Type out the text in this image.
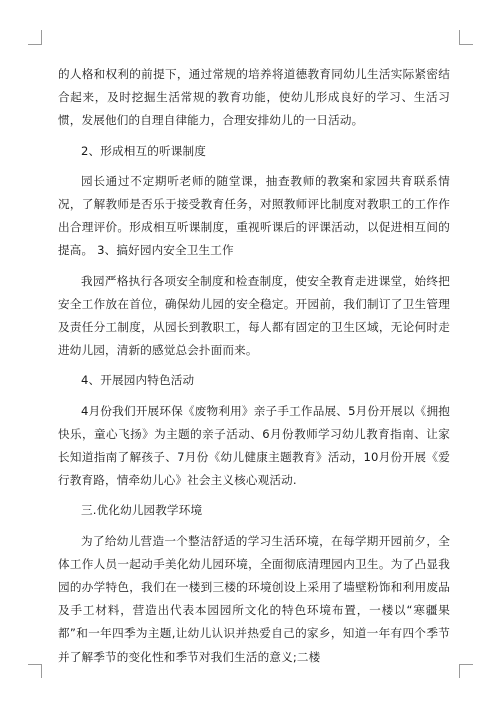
的人格和权利的前提下，通过常规的培养将道德教育同幼儿生活实际紧密结合起来，及时挖掘生活常规的教育功能，使幼儿形成良好的学习、生活习惯，发展他们的自理自律能力，合理安排幼儿的一日活动。

2、形成相互的听课制度

园长通过不定期听老师的随堂课，抽查教师的教案和家园共育联系情况，了解教师是否乐于接受教育任务，对照教师评比制度对教职工的工作作出合理评价。形成相互听课制度，重视听课后的评课活动，以促进相互间的提高。 3、搞好园内安全卫生工作

我园严格执行各项安全制度和检查制度，使安全教育走进课堂，始终把安全工作放在首位，确保幼儿园的安全稳定。开园前，我们制订了卫生管理及责任分工制度，从园长到教职工，每人都有固定的卫生区域，无论何时走进幼儿园，清新的感觉总会扑面而来。

4、开展园内特色活动

4月份我们开展环保《废物利用》亲子手工作品展、5月份开展以《拥抱快乐，童心飞扬》为主题的亲子活动、6月份教师学习幼儿教育指南、让家长知道指南了解孩子、7月份《幼儿健康主题教育》活动，10月份开展《爱行教育路，情牵幼儿心》社会主义核心观活动.

三.优化幼儿园教学环境

为了给幼儿营造一个整洁舒适的学习生活环境，在每学期开园前夕，全体工作人员一起动手美化幼儿园环境，全面彻底清理园内卫生。为了凸显我园的办学特色，我们在一楼到三楼的环境创设上采用了墙壁粉饰和利用废品及手工材料，营造出代表本园园所文化的特色环境布置，一楼以“寒疆果都”和一年四季为主题,让幼儿认识并热爱自己的家乡，知道一年有四个季节并了解季节的变化性和季节对我们生活的意义;二楼
